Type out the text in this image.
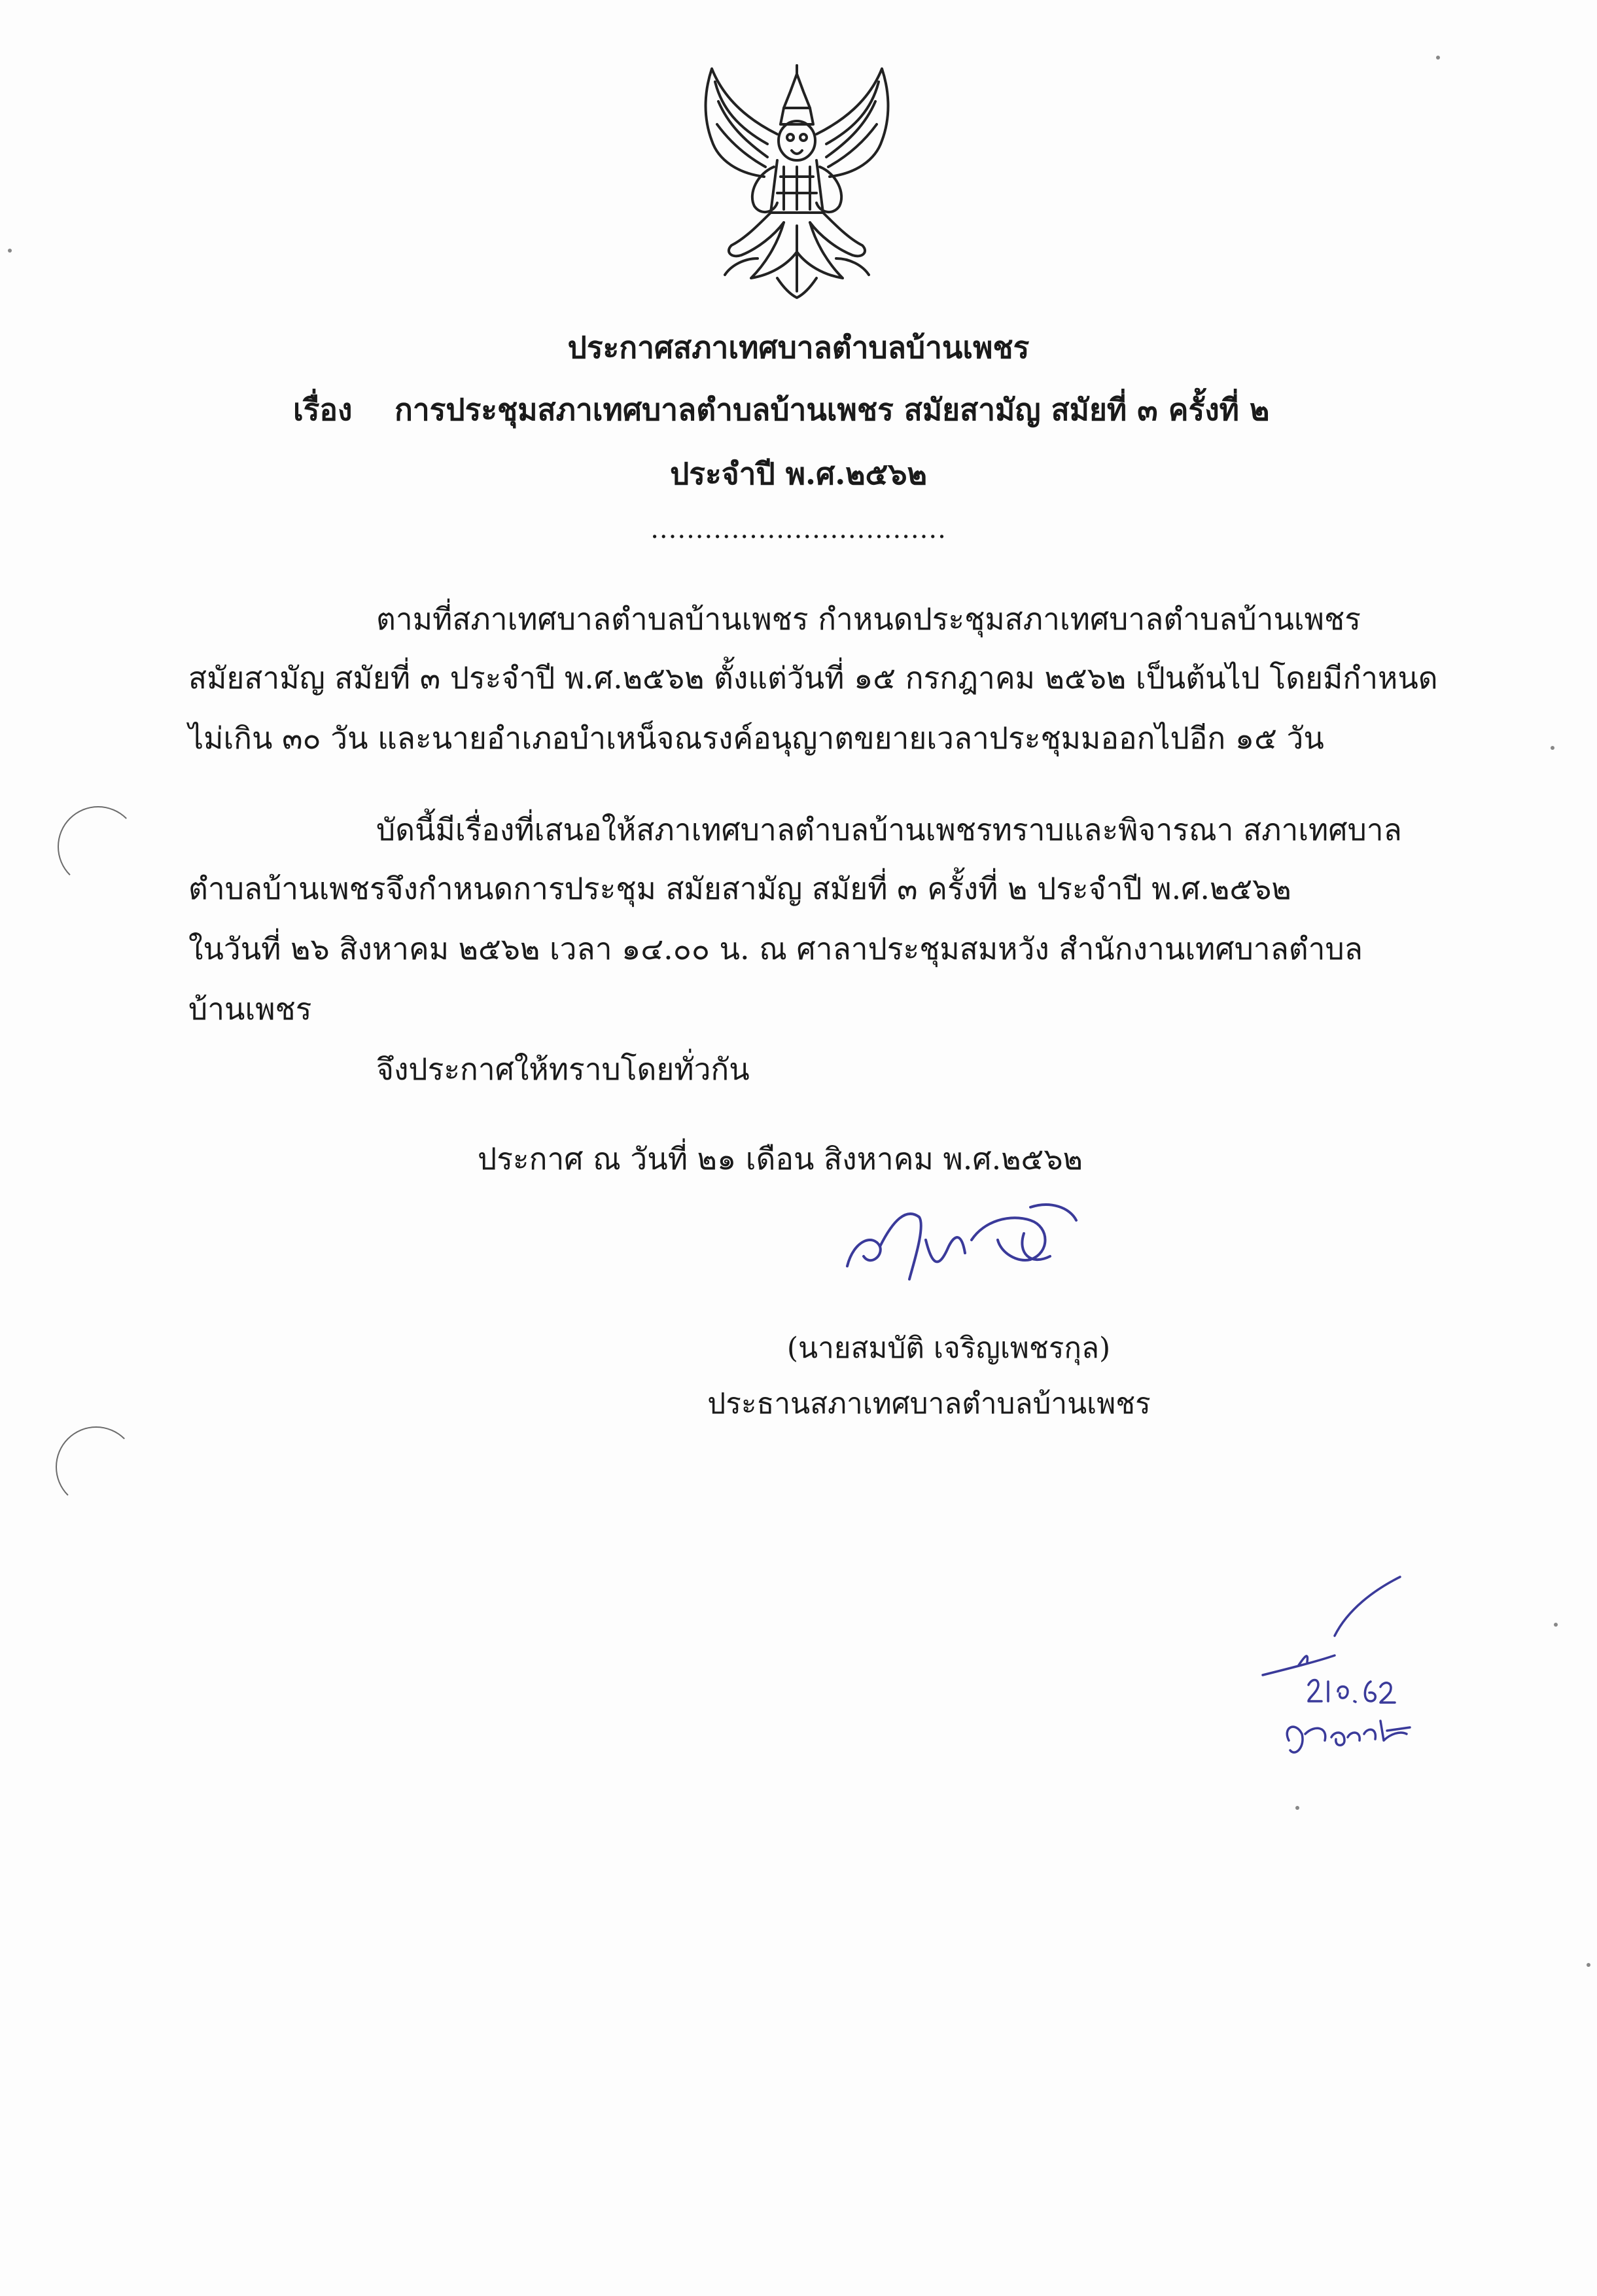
ประกาศสภาเทศบาลตำบลบ้านเพชร
เรื่อง การประชุมสภาเทศบาลตำบลบ้านเพชร สมัยสามัญ สมัยที่ ๓ ครั้งที่ ๒
ประจำปี พ.ศ.๒๕๖๒
.................................
ตามที่สภาเทศบาลตำบลบ้านเพชร กำหนดประชุมสภาเทศบาลตำบลบ้านเพชร
สมัยสามัญ สมัยที่ ๓ ประจำปี พ.ศ.๒๕๖๒ ตั้งแต่วันที่ ๑๕ กรกฎาคม ๒๕๖๒ เป็นต้นไป โดยมีกำหนด
ไม่เกิน ๓๐ วัน และนายอำเภอบำเหน็จณรงค์อนุญาตขยายเวลาประชุมมออกไปอีก ๑๕ วัน
บัดนี้มีเรื่องที่เสนอให้สภาเทศบาลตำบลบ้านเพชรทราบและพิจารณา สภาเทศบาล
ตำบลบ้านเพชรจึงกำหนดการประชุม สมัยสามัญ สมัยที่ ๓ ครั้งที่ ๒ ประจำปี พ.ศ.๒๕๖๒
ในวันที่ ๒๖ สิงหาคม ๒๕๖๒ เวลา ๑๔.๐๐ น. ณ ศาลาประชุมสมหวัง สำนักงานเทศบาลตำบล
บ้านเพชร
จึงประกาศให้ทราบโดยทั่วกัน
ประกาศ ณ วันที่ ๒๑ เดือน สิงหาคม พ.ศ.๒๕๖๒
(นายสมบัติ เจริญเพชรกุล)
ประธานสภาเทศบาลตำบลบ้านเพชร
